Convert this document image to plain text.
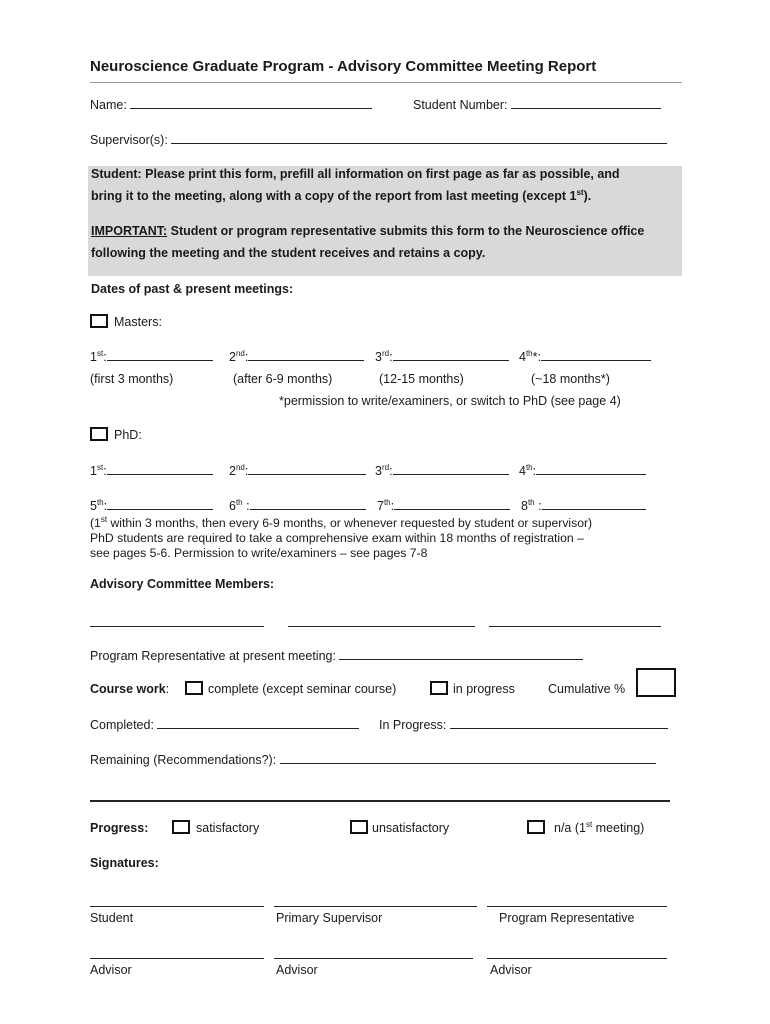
Neuroscience Graduate Program - Advisory Committee Meeting Report
Name:	Student Number:
Supervisor(s):
Student: Please print this form, prefill all information on first page as far as possible, and
bring it to the meeting, along with a copy of the report from last meeting (except 1st).
IMPORTANT: Student or program representative submits this form to the Neuroscience office
following the meeting and the student receives and retains a copy.
Dates of past & present meetings:
Masters:
1st:	2nd:	3rd:	4th*:
(first 3 months)	(after 6-9 months)	(12-15 months)	(~18 months*)
*permission to write/examiners, or switch to PhD (see page 4)
PhD:
1st:	2nd:	3rd:	4th:
5th:	6th :	7th:	8th :
(1st within 3 months, then every 6-9 months, or whenever requested by student or supervisor)
PhD students are required to take a comprehensive exam within 18 months of registration –
see pages 5-6. Permission to write/examiners – see pages 7-8
Advisory Committee Members:
Program Representative at present meeting:
Course work:	complete (except seminar course)	in progress	Cumulative %
Completed:	In Progress:
Remaining (Recommendations?):
Progress:	satisfactory	unsatisfactory	n/a (1st meeting)
Signatures:
Student	Primary Supervisor	Program Representative
Advisor	Advisor	Advisor
